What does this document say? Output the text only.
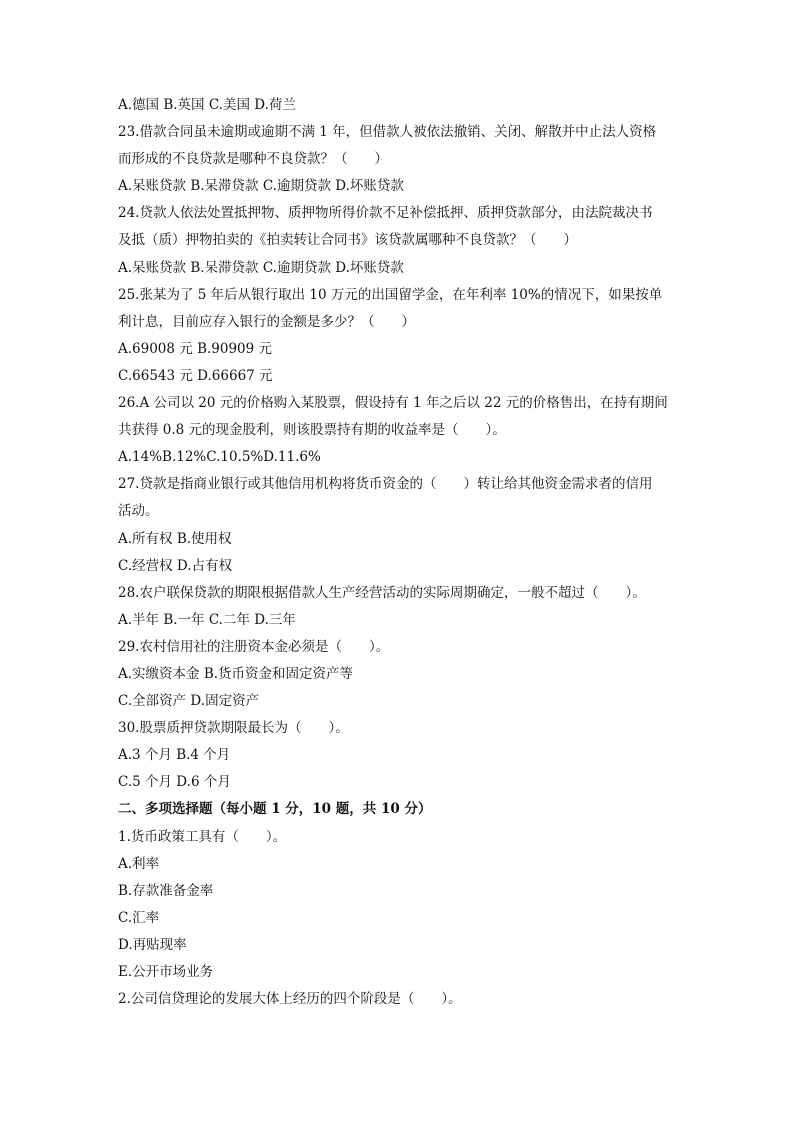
A.德国 B.英国 C.美国 D.荷兰
23.借款合同虽未逾期或逾期不满 1 年，但借款人被依法撤销、关闭、解散并中止法人资格
而形成的不良贷款是哪种不良贷款？（　　）
A.呆账贷款 B.呆滞贷款 C.逾期贷款 D.坏账贷款
24.贷款人依法处置抵押物、质押物所得价款不足补偿抵押、质押贷款部分，由法院裁决书
及抵（质）押物拍卖的《拍卖转让合同书》该贷款属哪种不良贷款？（　　）
A.呆账贷款 B.呆滞贷款 C.逾期贷款 D.坏账贷款
25.张某为了 5 年后从银行取出 10 万元的出国留学金，在年利率 10%的情况下，如果按单
利计息，目前应存入银行的金额是多少？（　　）
A.69008 元 B.90909 元
C.66543 元 D.66667 元
26.A 公司以 20 元的价格购入某股票，假设持有 1 年之后以 22 元的价格售出，在持有期间
共获得 0.8 元的现金股利，则该股票持有期的收益率是（　　）。
A.14%B.12%C.10.5%D.11.6%
27.贷款是指商业银行或其他信用机构将货币资金的（　　）转让给其他资金需求者的信用
活动。
A.所有权 B.使用权
C.经营权 D.占有权
28.农户联保贷款的期限根据借款人生产经营活动的实际周期确定，一般不超过（　　）。
A.半年 B.一年 C.二年 D.三年
29.农村信用社的注册资本金必须是（　　）。
A.实缴资本金 B.货币资金和固定资产等
C.全部资产 D.固定资产
30.股票质押贷款期限最长为（　　）。
A.3 个月 B.4 个月
C.5 个月 D.6 个月
二、多项选择题（每小题 1 分，10 题，共 10 分）
1.货币政策工具有（　　）。
A.利率
B.存款准备金率
C.汇率
D.再贴现率
E.公开市场业务
2.公司信贷理论的发展大体上经历的四个阶段是（　　）。
